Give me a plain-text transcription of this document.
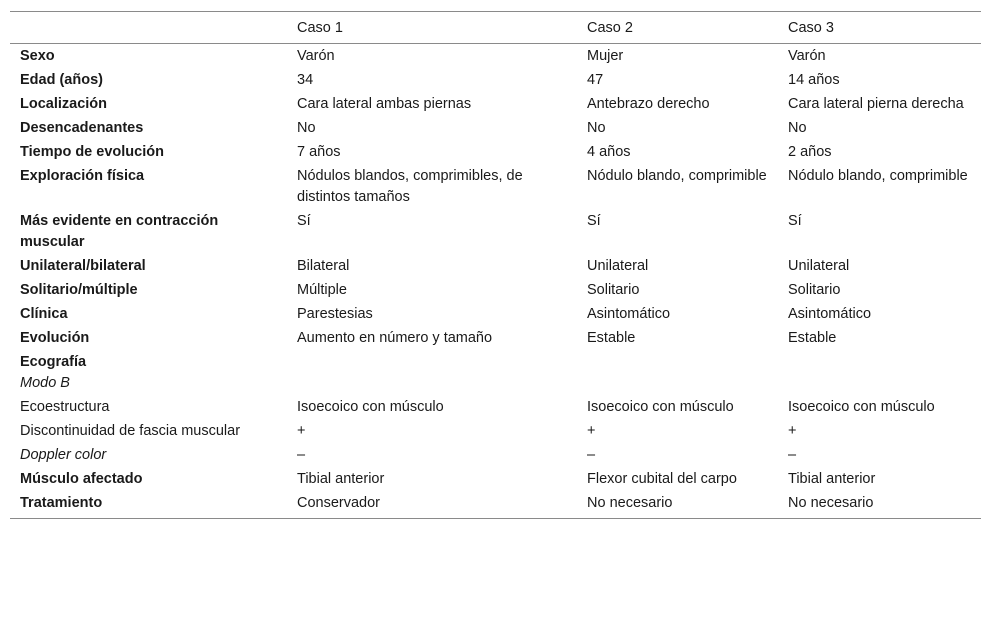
	Caso 1	Caso 2	Caso 3
Sexo	Varón	Mujer	Varón
Edad (años)	34	47	14 años
Localización	Cara lateral ambas piernas	Antebrazo derecho	Cara lateral pierna derecha
Desencadenantes	No	No	No
Tiempo de evolución	7 años	4 años	2 años
Exploración física	Nódulos blandos, comprimibles, de distintos tamaños	Nódulo blando, comprimible	Nódulo blando, comprimible
Más evidente en contracción muscular	Sí	Sí	Sí
Unilateral/bilateral	Bilateral	Unilateral	Unilateral
Solitario/múltiple	Múltiple	Solitario	Solitario
Clínica	Parestesias	Asintomático	Asintomático
Evolución	Aumento en número y tamaño	Estable	Estable
Ecografía
Modo B			

Ecoestructura	Isoecoico con músculo	Isoecoico con músculo	Isoecoico con músculo
Discontinuidad de fascia muscular	+	+	+
Doppler color	–	–	–
Músculo afectado	Tibial anterior	Flexor cubital del carpo	Tibial anterior
Tratamiento	Conservador	No necesario	No necesario
